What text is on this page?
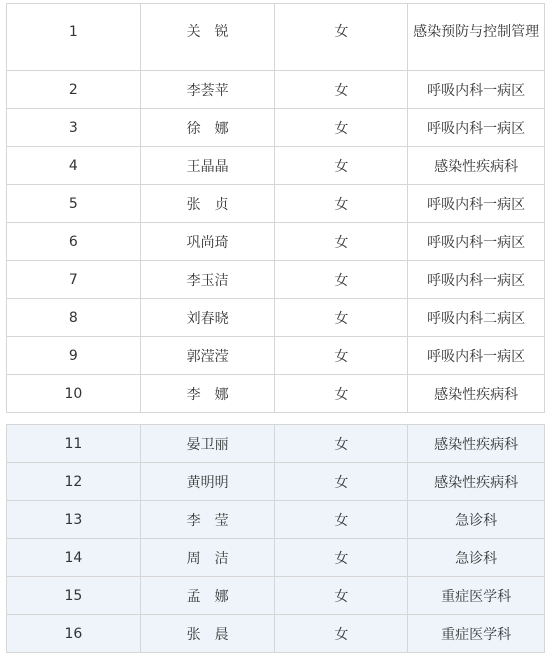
1	关　锐	女	感染预防与控制管理

2	李荟苹	女	呼吸内科一病区
3	徐　娜	女	呼吸内科一病区
4	王晶晶	女	感染性疾病科
5	张　贞	女	呼吸内科一病区
6	巩尚琦	女	呼吸内科一病区
7	李玉洁	女	呼吸内科一病区
8	刘春晓	女	呼吸内科二病区
9	郭滢滢	女	呼吸内科一病区
10	李　娜	女	感染性疾病科
11	晏卫丽	女	感染性疾病科
12	黄明明	女	感染性疾病科
13	李　莹	女	急诊科
14	周　洁	女	急诊科
15	孟　娜	女	重症医学科
16	张　晨	女	重症医学科
